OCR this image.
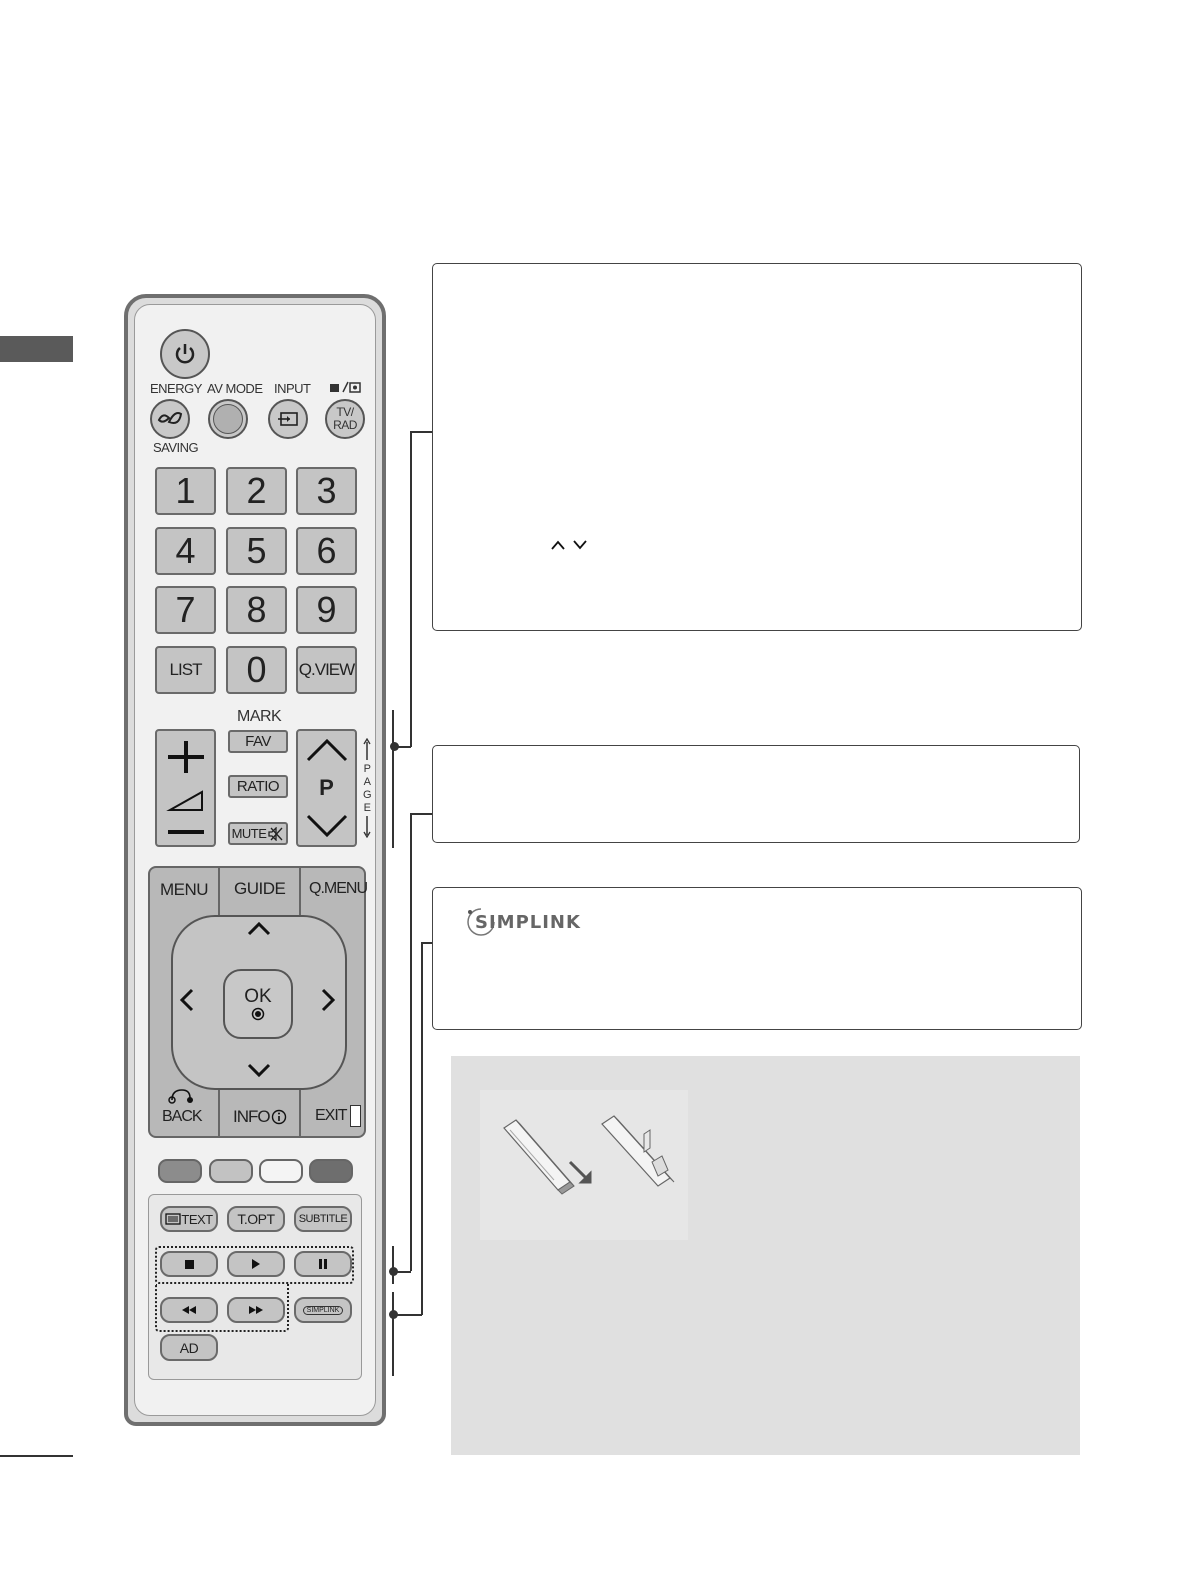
ENERGY AV MODE INPUT
SAVING
TV/ RAD
1	2	3
4	5	6
7	8	9
LIST	0	Q.VIEW
MARK
FAV
RATIO
MUTE
P
P A G E
MENU GUIDE Q.MENU
OK
BACK INFO	EXIT
TEXT	T.OPT	SUBTITLE
SIMPLINK
AD
SIMPLINK
